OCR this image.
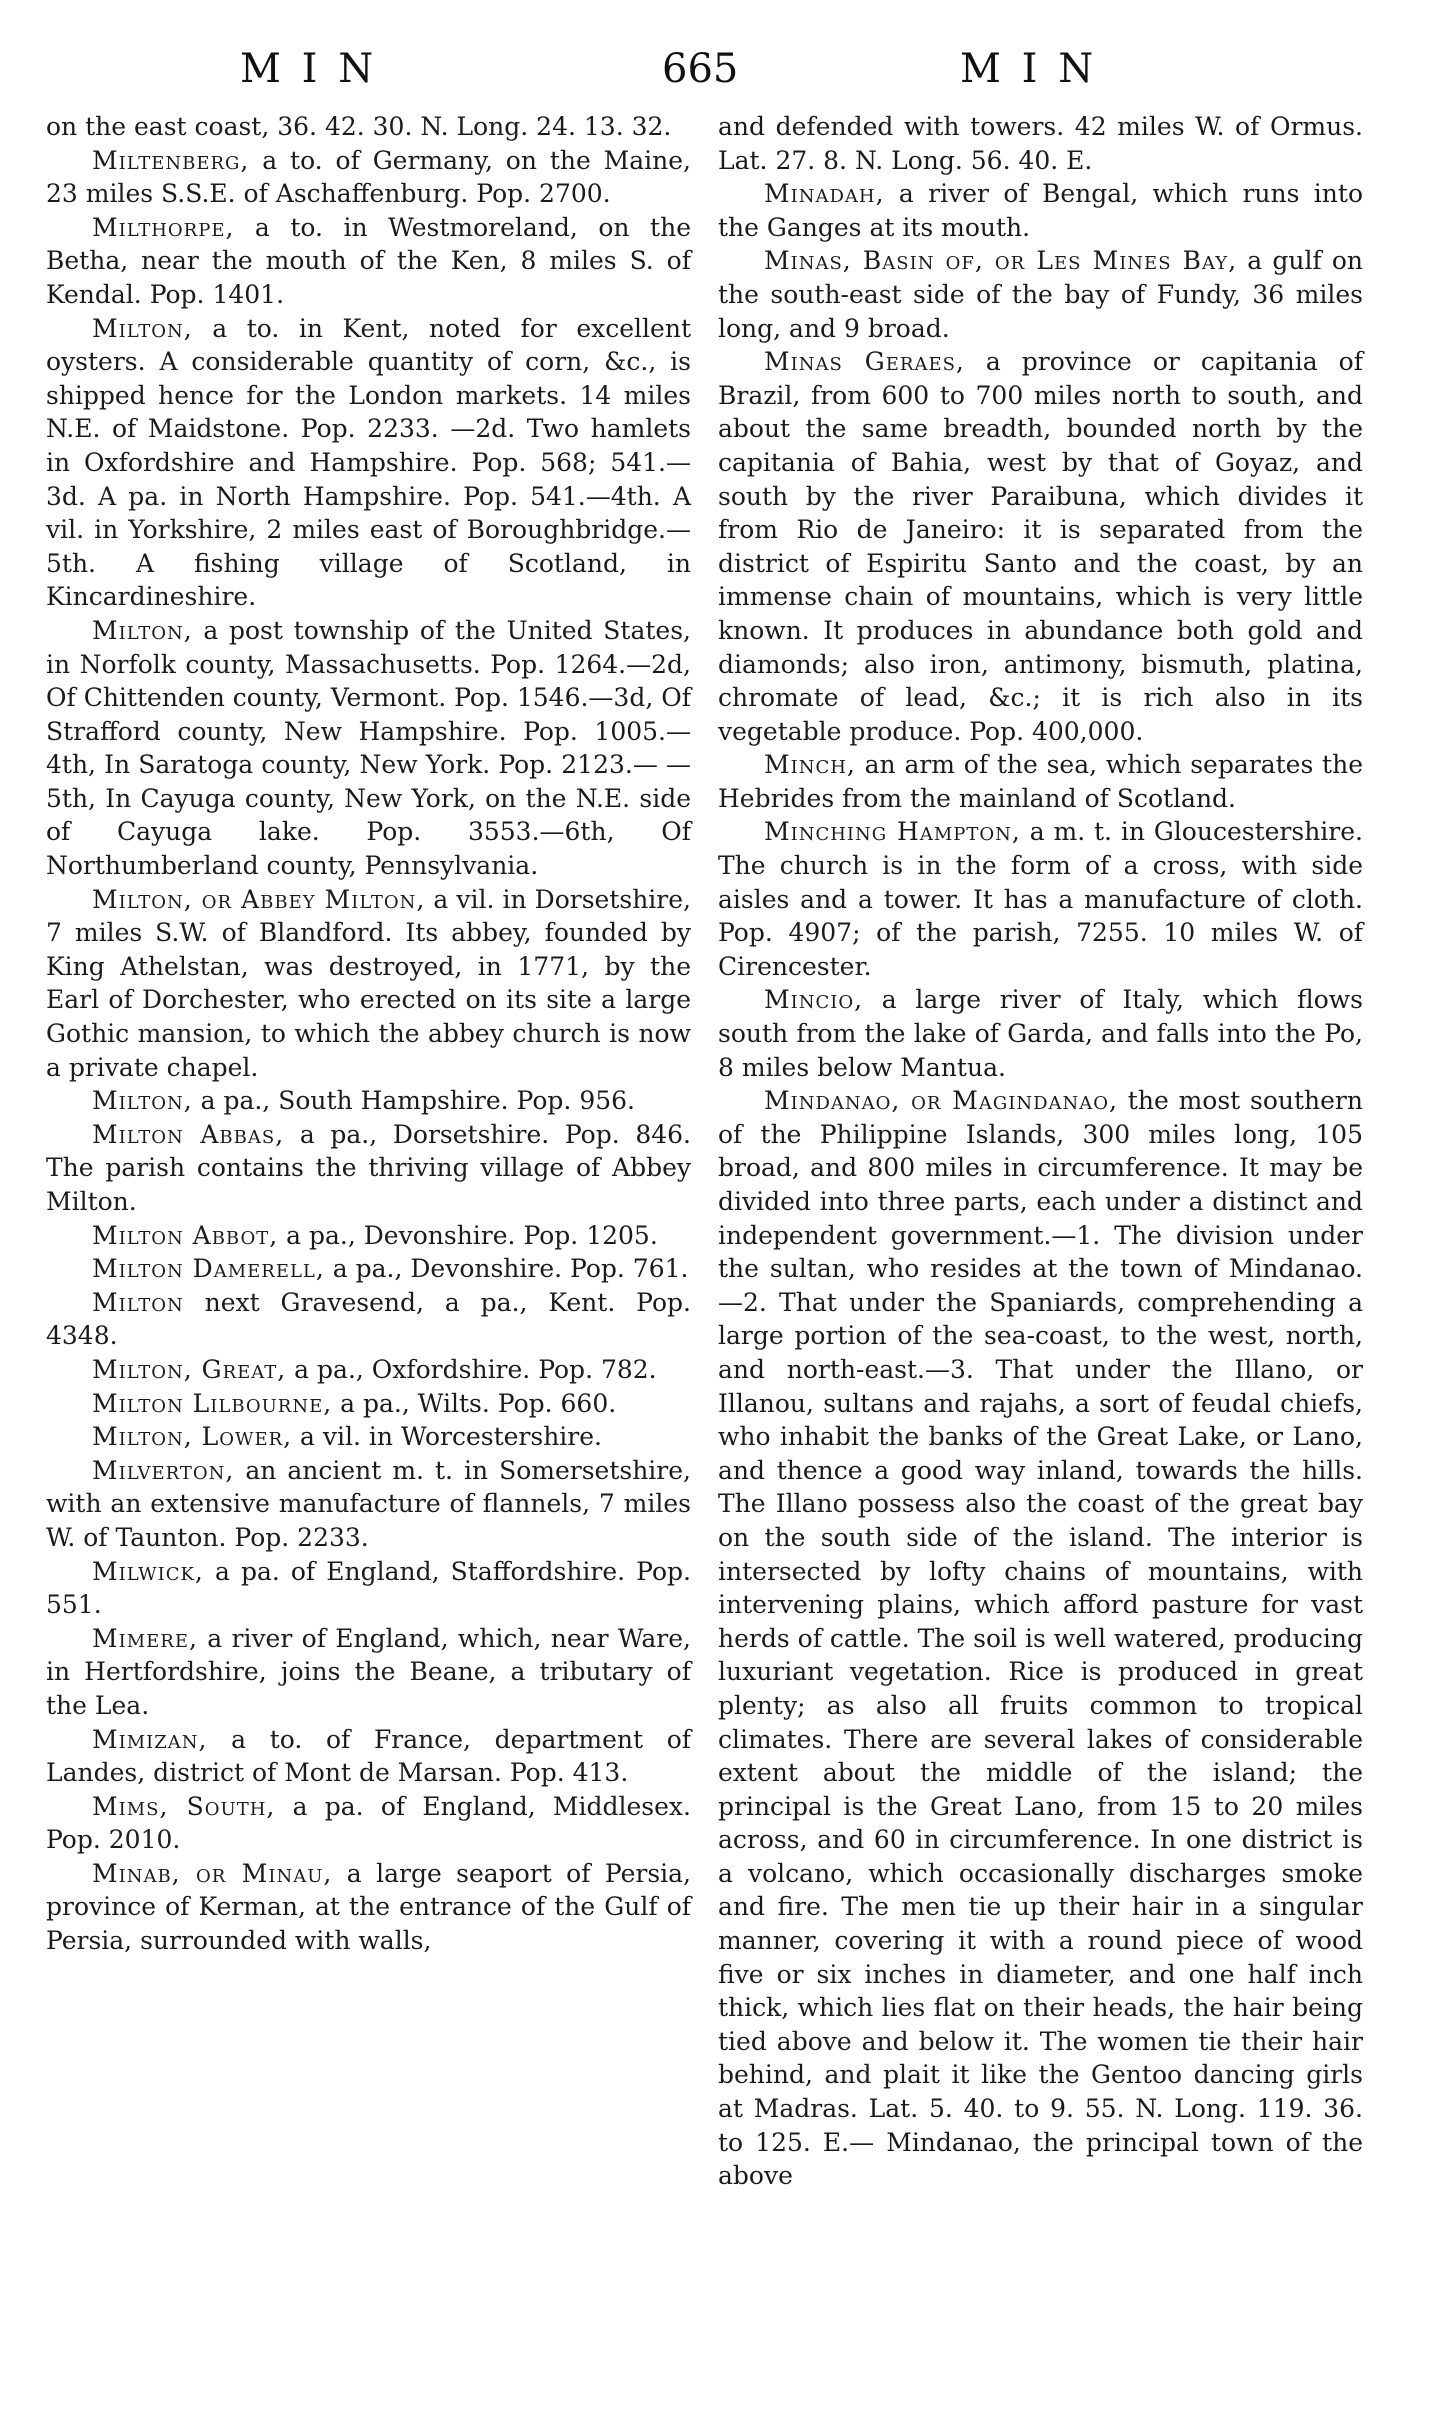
M I N	665	M I N

on the east coast, 36. 42. 30. N. Long. 24. 13. 32.

Miltenberg, a to. of Germany, on the Maine, 23 miles S.S.E. of Aschaffenburg. Pop. 2700.

Milthorpe, a to. in Westmoreland, on the Betha, near the mouth of the Ken, 8 miles S. of Kendal. Pop. 1401.

Milton, a to. in Kent, noted for excellent oysters. A considerable quantity of corn, &c., is shipped hence for the London markets. 14 miles N.E. of Maidstone. Pop. 2233. —2d. Two hamlets in Oxfordshire and Hampshire. Pop. 568; 541.—3d. A pa. in North Hampshire. Pop. 541.—4th. A vil. in Yorkshire, 2 miles east of Boroughbridge.—5th. A fishing village of Scotland, in Kincardineshire.

Milton, a post township of the United States, in Norfolk county, Massachusetts. Pop. 1264.—2d, Of Chittenden county, Vermont. Pop. 1546.—3d, Of Strafford county, New Hampshire. Pop. 1005.—4th, In Saratoga county, New York. Pop. 2123.— —5th, In Cayuga county, New York, on the N.E. side of Cayuga lake. Pop. 3553.—6th, Of Northumberland county, Pennsylvania.

Milton, or Abbey Milton, a vil. in Dorsetshire, 7 miles S.W. of Blandford. Its abbey, founded by King Athelstan, was destroyed, in 1771, by the Earl of Dorchester, who erected on its site a large Gothic mansion, to which the abbey church is now a private chapel.

Milton, a pa., South Hampshire. Pop. 956.

Milton Abbas, a pa., Dorsetshire. Pop. 846. The parish contains the thriving village of Abbey Milton.

Milton Abbot, a pa., Devonshire. Pop. 1205.

Milton Damerell, a pa., Devonshire. Pop. 761.

Milton next Gravesend, a pa., Kent. Pop. 4348.

Milton, Great, a pa., Oxfordshire. Pop. 782.

Milton Lilbourne, a pa., Wilts. Pop. 660.

Milton, Lower, a vil. in Worcestershire.

Milverton, an ancient m. t. in Somersetshire, with an extensive manufacture of flannels, 7 miles W. of Taunton. Pop. 2233.

Milwick, a pa. of England, Staffordshire. Pop. 551.

Mimere, a river of England, which, near Ware, in Hertfordshire, joins the Beane, a tributary of the Lea.

Mimizan, a to. of France, department of Landes, district of Mont de Marsan. Pop. 413.

Mims, South, a pa. of England, Middlesex. Pop. 2010.

Minab, or Minau, a large seaport of Persia, province of Kerman, at the entrance of the Gulf of Persia, surrounded with walls,

and defended with towers. 42 miles W. of Ormus. Lat. 27. 8. N. Long. 56. 40. E.

Minadah, a river of Bengal, which runs into the Ganges at its mouth.

Minas, Basin of, or Les Mines Bay, a gulf on the south-east side of the bay of Fundy, 36 miles long, and 9 broad.

Minas Geraes, a province or capitania of Brazil, from 600 to 700 miles north to south, and about the same breadth, bounded north by the capitania of Bahia, west by that of Goyaz, and south by the river Paraibuna, which divides it from Rio de Janeiro: it is separated from the district of Espiritu Santo and the coast, by an immense chain of mountains, which is very little known. It produces in abundance both gold and diamonds; also iron, antimony, bismuth, platina, chromate of lead, &c.; it is rich also in its vegetable produce. Pop. 400,000.

Minch, an arm of the sea, which separates the Hebrides from the mainland of Scotland.

Minching Hampton, a m. t. in Gloucestershire. The church is in the form of a cross, with side aisles and a tower. It has a manufacture of cloth. Pop. 4907; of the parish, 7255. 10 miles W. of Cirencester.

Mincio, a large river of Italy, which flows south from the lake of Garda, and falls into the Po, 8 miles below Mantua.

Mindanao, or Magindanao, the most southern of the Philippine Islands, 300 miles long, 105 broad, and 800 miles in circumference. It may be divided into three parts, each under a distinct and independent government.—1. The division under the sultan, who resides at the town of Mindanao.—2. That under the Spaniards, comprehending a large portion of the sea-coast, to the west, north, and north-east.—3. That under the Illano, or Illanou, sultans and rajahs, a sort of feudal chiefs, who inhabit the banks of the Great Lake, or Lano, and thence a good way inland, towards the hills. The Illano possess also the coast of the great bay on the south side of the island. The interior is intersected by lofty chains of mountains, with intervening plains, which afford pasture for vast herds of cattle. The soil is well watered, producing luxuriant vegetation. Rice is produced in great plenty; as also all fruits common to tropical climates. There are several lakes of considerable extent about the middle of the island; the principal is the Great Lano, from 15 to 20 miles across, and 60 in circumference. In one district is a volcano, which occasionally discharges smoke and fire. The men tie up their hair in a singular manner, covering it with a round piece of wood five or six inches in diameter, and one half inch thick, which lies flat on their heads, the hair being tied above and below it. The women tie their hair behind, and plait it like the Gentoo dancing girls at Madras. Lat. 5. 40. to 9. 55. N. Long. 119. 36. to 125. E.— Mindanao, the principal town of the above
